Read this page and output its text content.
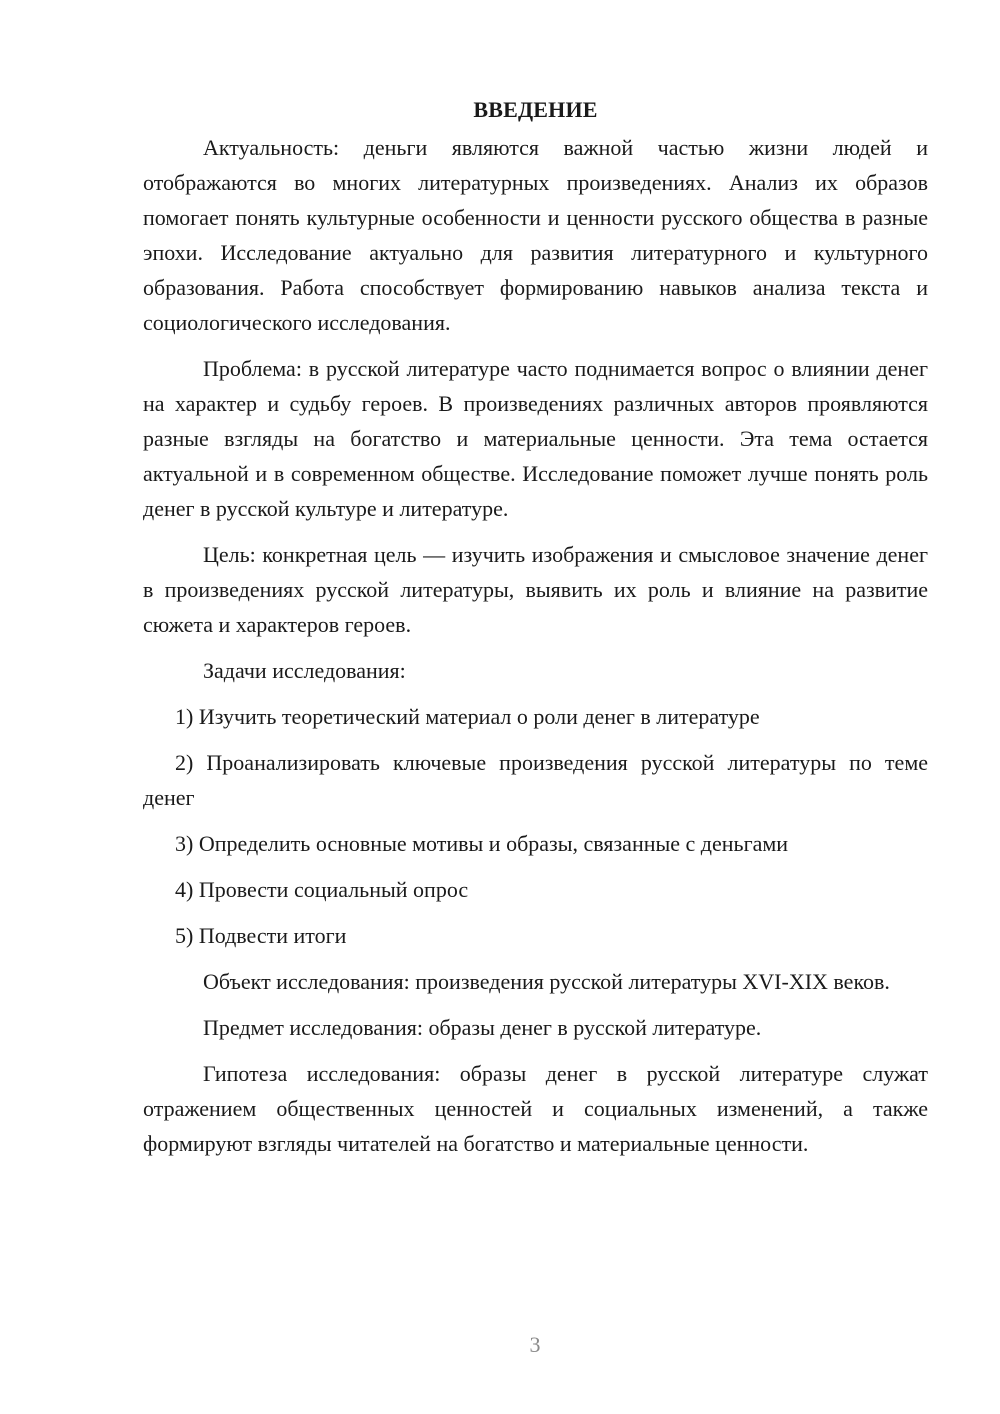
ВВЕДЕНИЕ

Актуальность: деньги являются важной частью жизни людей и отображаются во многих литературных произведениях. Анализ их образов помогает понять культурные особенности и ценности русского общества в разные эпохи. Исследование актуально для развития литературного и культурного образования. Работа способствует формированию навыков анализа текста и социологического исследования.

Проблема: в русской литературе часто поднимается вопрос о влиянии денег на характер и судьбу героев. В произведениях различных авторов проявляются разные взгляды на богатство и материальные ценности. Эта тема остается актуальной и в современном обществе. Исследование поможет лучше понять роль денег в русской культуре и литературе.

Цель: конкретная цель — изучить изображения и смысловое значение денег в произведениях русской литературы, выявить их роль и влияние на развитие сюжета и характеров героев.

Задачи исследования:

1) Изучить теоретический материал о роли денег в литературе

2) Проанализировать ключевые произведения русской литературы по теме денег

3) Определить основные мотивы и образы, связанные с деньгами

4) Провести социальный опрос

5) Подвести итоги

Объект исследования: произведения русской литературы XVI-XIX веков.

Предмет исследования: образы денег в русской литературе.

Гипотеза исследования: образы денег в русской литературе служат отражением общественных ценностей и социальных изменений, а также формируют взгляды читателей на богатство и материальные ценности.

3
